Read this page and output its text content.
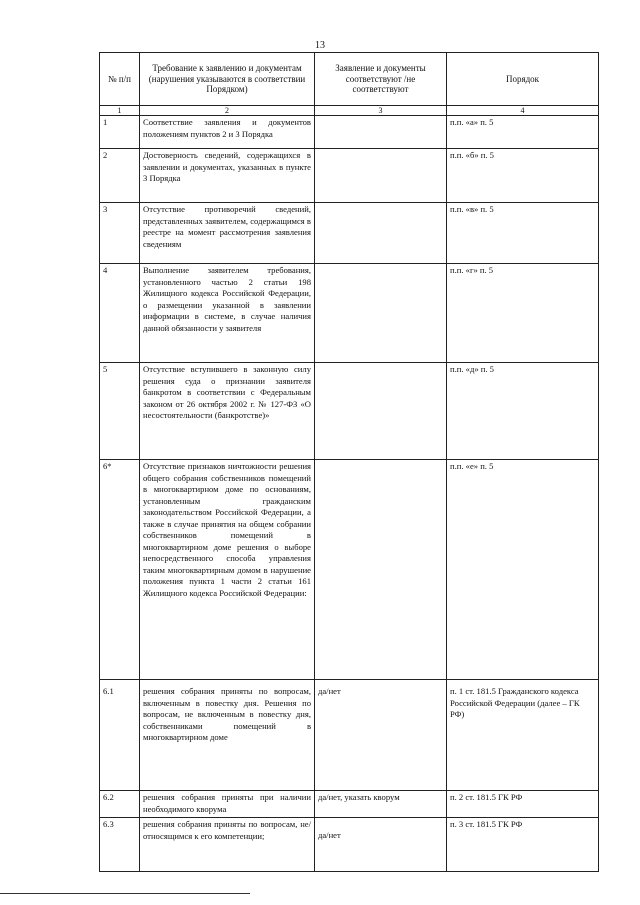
13
№ п/п	Требование к заявлению и документам (нарушения указываются в соответствии Порядком)	Заявление и документы соответствуют /не соответствуют	Порядок
1	2	3	4
1	Соответствие заявления и документов положениям пунктов 2 и 3 Порядка		п.п. «а» п. 5
2	Достоверность сведений, содержащихся в заявлении и документах, указанных в пункте 3 Порядка		п.п. «б» п. 5
3	Отсутствие противоречий сведений, представленных заявителем, содержащимся в реестре на момент рассмотрения заявления сведениям		п.п. «в» п. 5
4	Выполнение заявителем требования, установленного частью 2 статьи 198 Жилищного кодекса Российской Федерации, о размещении указанной в заявлении информации в системе, в случае наличия данной обязанности у заявителя		п.п. «г» п. 5
5	Отсутствие вступившего в законную силу решения суда о признании заявителя банкротом в соответствии с Федеральным законом от 26 октября 2002 г. № 127-ФЗ «О несостоятельности (банкротстве)»		п.п. «д» п. 5
6*	Отсутствие признаков ничтожности решения общего собрания собственников помещений в многоквартирном доме по основаниям, установленным гражданским законодательством Российской Федерации, а также в случае принятия на общем собрании собственников помещений в многоквартирном доме решения о выборе непосредственного способа управления таким многоквартирным домом в нарушение положения пункта 1 части 2 статьи 161 Жилищного кодекса Российской Федерации:		п.п. «е» п. 5
6.1	решения собрания приняты по вопросам, включенным в повестку дня. Решения по вопросам, не включенным в повестку дня, собственниками помещений в многоквартирном доме	да/нет	п. 1 ст. 181.5 Гражданского кодекса Российской Федерации (далее – ГК РФ)
6.2	решения собрания приняты при наличии необходимого кворума	да/нет, указать кворум	п. 2 ст. 181.5 ГК РФ
6.3	решения собрания приняты по вопросам, не/относящимся к его компетенции;	да/нет	п. 3 ст. 181.5 ГК РФ
